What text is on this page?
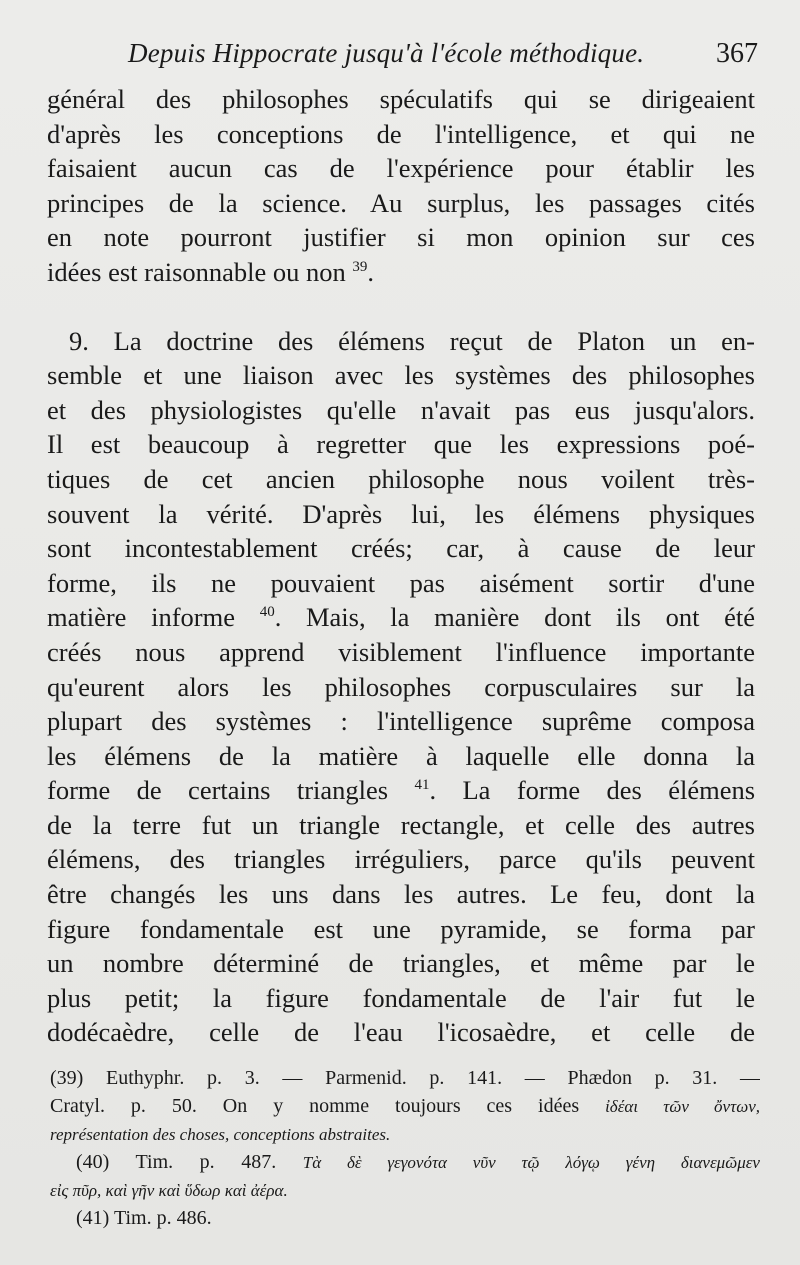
Depuis Hippocrate jusqu'à l'école méthodique.	367
général des philosophes spéculatifs qui se dirigeaient
d'après les conceptions de l'intelligence, et qui ne
faisaient aucun cas de l'expérience pour établir les
principes de la science. Au surplus, les passages cités
en note pourront justifier si mon opinion sur ces
idées est raisonnable ou non $^{39}$.
9. La doctrine des élémens reçut de Platon un en-
semble et une liaison avec les systèmes des philosophes
et des physiologistes qu'elle n'avait pas eus jusqu'alors.
Il est beaucoup à regretter que les expressions poé-
tiques de cet ancien philosophe nous voilent très-
souvent la vérité. D'après lui, les élémens physiques
sont incontestablement créés; car, à cause de leur
forme, ils ne pouvaient pas aisément sortir d'une
matière informe $^{40}$. Mais, la manière dont ils ont été
créés nous apprend visiblement l'influence importante
qu'eurent alors les philosophes corpusculaires sur la
plupart des systèmes : l'intelligence suprême composa
les élémens de la matière à laquelle elle donna la
forme de certains triangles $^{41}$. La forme des élémens
de la terre fut un triangle rectangle, et celle des autres
élémens, des triangles irréguliers, parce qu'ils peuvent
être changés les uns dans les autres. Le feu, dont la
figure fondamentale est une pyramide, se forma par
un nombre déterminé de triangles, et même par le
plus petit; la figure fondamentale de l'air fut le
dodécaèdre, celle de l'eau l'icosaèdre, et celle de
(39) Euthyphr. p. 3. — Parmenid. p. 141. — Phædon p. 31. —
Cratyl. p. 50. On y nomme toujours ces idées ἰδέαι τῶν ὄντων,
représentation des choses, conceptions abstraites.
(40) Tim. p. 487. Τὰ δὲ γεγονότα νῦν τῷ λόγῳ γένη διανεμῶμεν
εἰς πῦρ, καὶ γῆν καὶ ὕδωρ καὶ ἀέρα.
(41) Tim. p. 486.
